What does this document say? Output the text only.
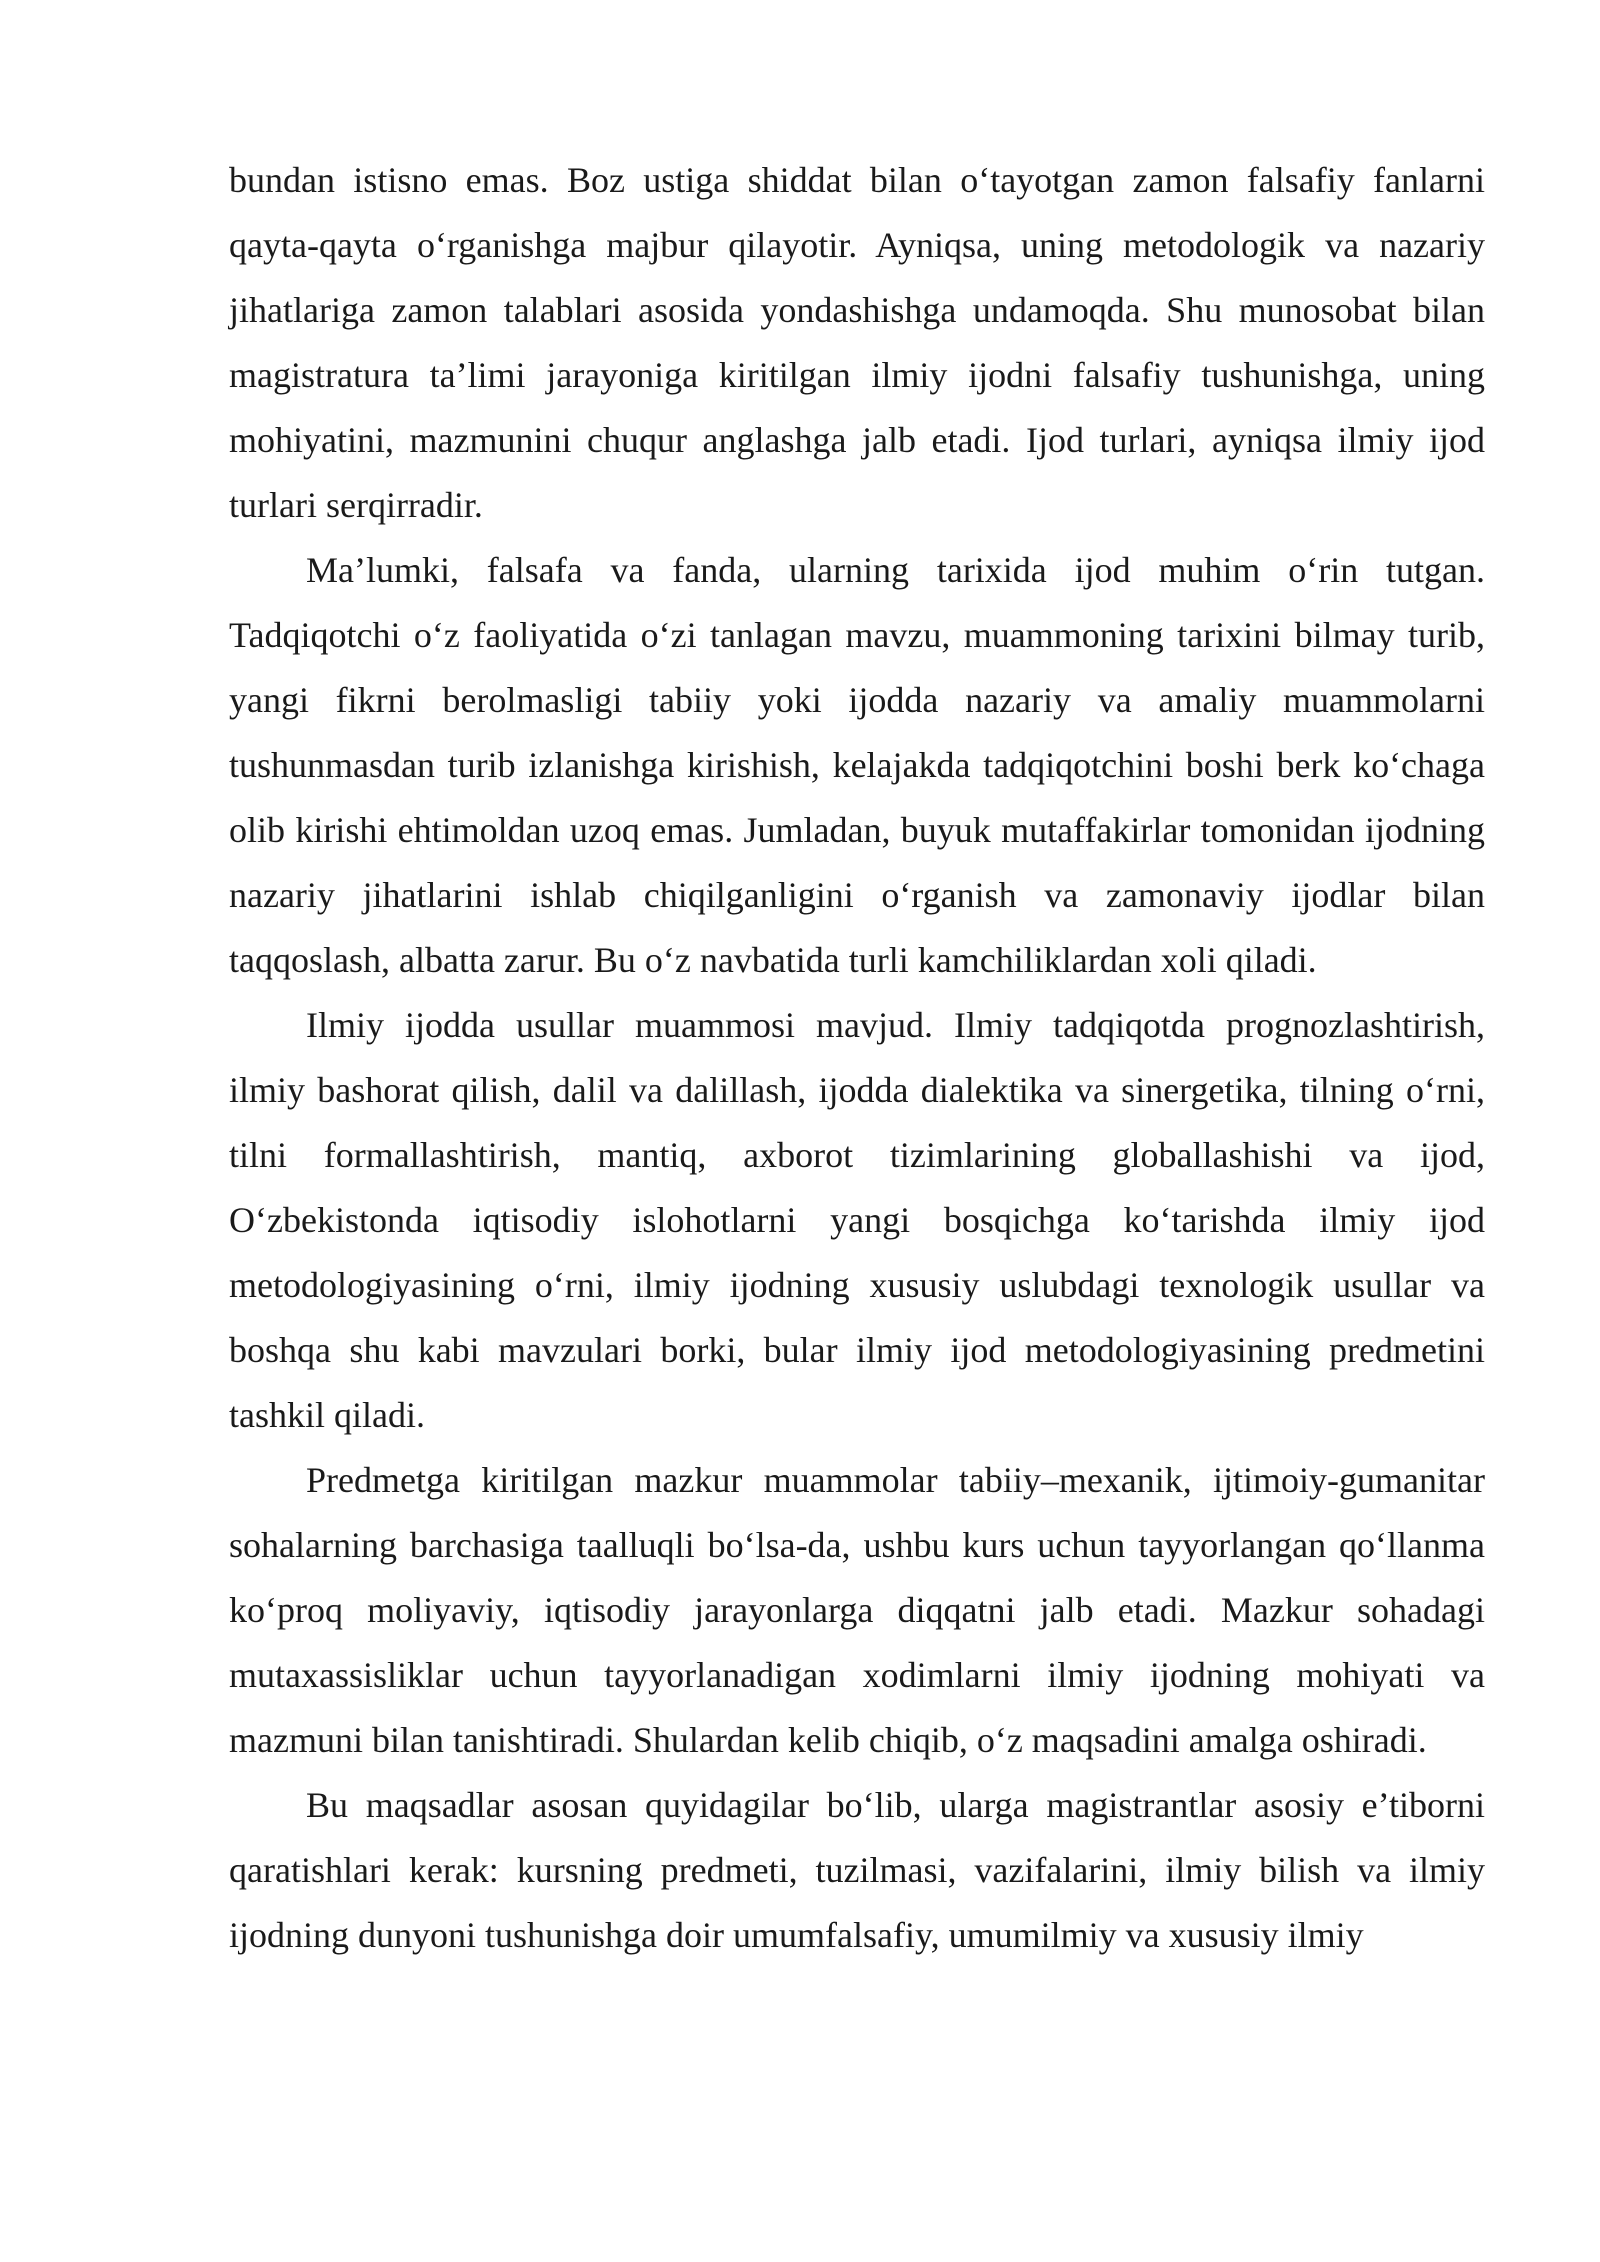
bundan istisno emas. Boz ustiga shiddat bilan o‘tayotgan zamon falsafiy fanlarni qayta-qayta o‘rganishga majbur qilayotir. Ayniqsa, uning metodologik va nazariy jihatlariga zamon talablari asosida yondashishga undamoqda. Shu munosobat bilan magistratura ta’limi jarayoniga kiritilgan ilmiy ijodni falsafiy tushunishga, uning mohiyatini, mazmunini chuqur anglashga jalb etadi. Ijod turlari, ayniqsa ilmiy ijod turlari serqirradir.

Ma’lumki, falsafa va fanda, ularning tarixida ijod muhim o‘rin tutgan. Tadqiqotchi o‘z faoliyatida o‘zi tanlagan mavzu, muammoning tarixini bilmay turib, yangi fikrni berolmasligi tabiiy yoki ijodda nazariy va amaliy muammolarni tushunmasdan turib izlanishga kirishish, kelajakda tadqiqotchini boshi berk ko‘chaga olib kirishi ehtimoldan uzoq emas. Jumladan, buyuk mutaffakirlar tomonidan ijodning nazariy jihatlarini ishlab chiqilganligini o‘rganish va zamonaviy ijodlar bilan taqqoslash, albatta zarur. Bu o‘z navbatida turli kamchiliklardan xoli qiladi.

Ilmiy ijodda usullar muammosi mavjud. Ilmiy tadqiqotda prognozlashtirish, ilmiy bashorat qilish, dalil va dalillash, ijodda dialektika va sinergetika, tilning o‘rni, tilni formallashtirish, mantiq, axborot tizimlarining globallashishi va ijod, O‘zbekistonda iqtisodiy islohotlarni yangi bosqichga ko‘tarishda ilmiy ijod metodologiyasining o‘rni, ilmiy ijodning xususiy uslubdagi texnologik usullar va boshqa shu kabi mavzulari borki, bular ilmiy ijod metodologiyasining predmetini tashkil qiladi.

Predmetga kiritilgan mazkur muammolar tabiiy–mexanik, ijtimoiy-gumanitar sohalarning barchasiga taalluqli bo‘lsa-da, ushbu kurs uchun tayyorlangan qo‘llanma ko‘proq moliyaviy, iqtisodiy jarayonlarga diqqatni jalb etadi. Mazkur sohadagi mutaxassisliklar uchun tayyorlanadigan xodimlarni ilmiy ijodning mohiyati va mazmuni bilan tanishtiradi. Shulardan kelib chiqib, o‘z maqsadini amalga oshiradi.

Bu maqsadlar asosan quyidagilar bo‘lib, ularga magistrantlar asosiy e’tiborni qaratishlari kerak: kursning predmeti, tuzilmasi, vazifalarini, ilmiy bilish va ilmiy ijodning dunyoni tushunishga doir umumfalsafiy, umumilmiy va xususiy ilmiy
